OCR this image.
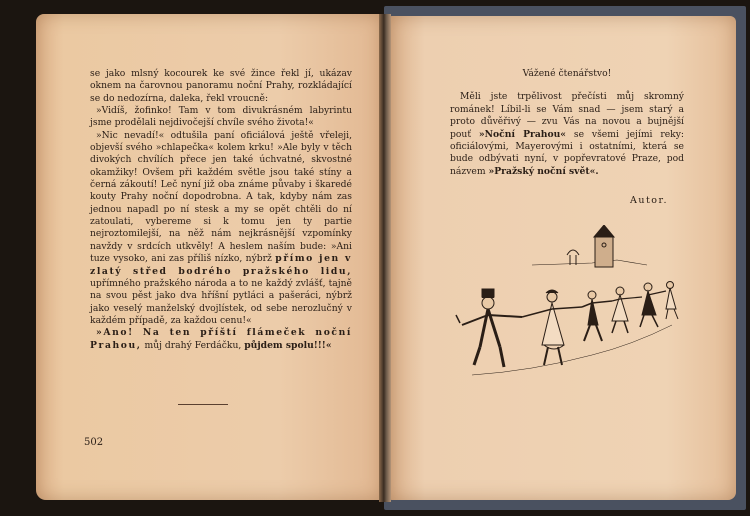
se jako mlsný kocourek ke své žince řekl jí, ukázav oknem na čarovnou panoramu noční Prahy, rozkládající se do nedozírna, daleka, řekl vroucně:

»Vidíš, žofinko! Tam v tom divukrásném labyrintu jsme prodělali nejdivočejší chvíle svého života!«

»Nic nevadí!« odtušila paní oficiálová ještě vřeleji, objevší svého »chlapečka« kolem krku! »Ale byly v těch divokých chvílích přece jen také úchvatné, skvostné okamžiky! Ovšem při každém světle jsou také stíny a černá zákoutí! Leč nyní již oba známe půvaby i škaredé kouty Prahy noční dopodrobna. A tak, kdyby nám zas jednou napadl po ní stesk a my se opět chtěli do ní zatoulati, vybereme si k tomu jen ty partie nejroztomilejší, na něž nám nejkrásnější vzpomínky navždy v srdcích utkvěly! A heslem naším bude: »Ani tuze vysoko, ani zas příliš nízko, nýbrž přímo jen v zlatý střed bodrého pražského lidu, upřímného pražského národa a to ne každý zvlášť, tajně na svou pěst jako dva hříšní pytláci a pašeráci, nýbrž jako veselý manželský dvojlístek, od sebe nerozlučný v každém případě, za každou cenu!«

»Ano! Na ten příští flámeček noční Prahou, můj drahý Ferdáčku, půjdem spolu!!!«

502

Vážené čtenářstvo!

Měli jste trpělivost přečísti můj skromný románek! Líbil-li se Vám snad — jsem starý a proto důvěřivý — zvu Vás na novou a bujnější pouť »Noční Prahou« se všemi jejími reky: oficiálovými, Mayerovými i ostatními, která se bude odbývati nyní, v popřevratové Praze, pod názvem »Pražský noční svět«.

Autor.
